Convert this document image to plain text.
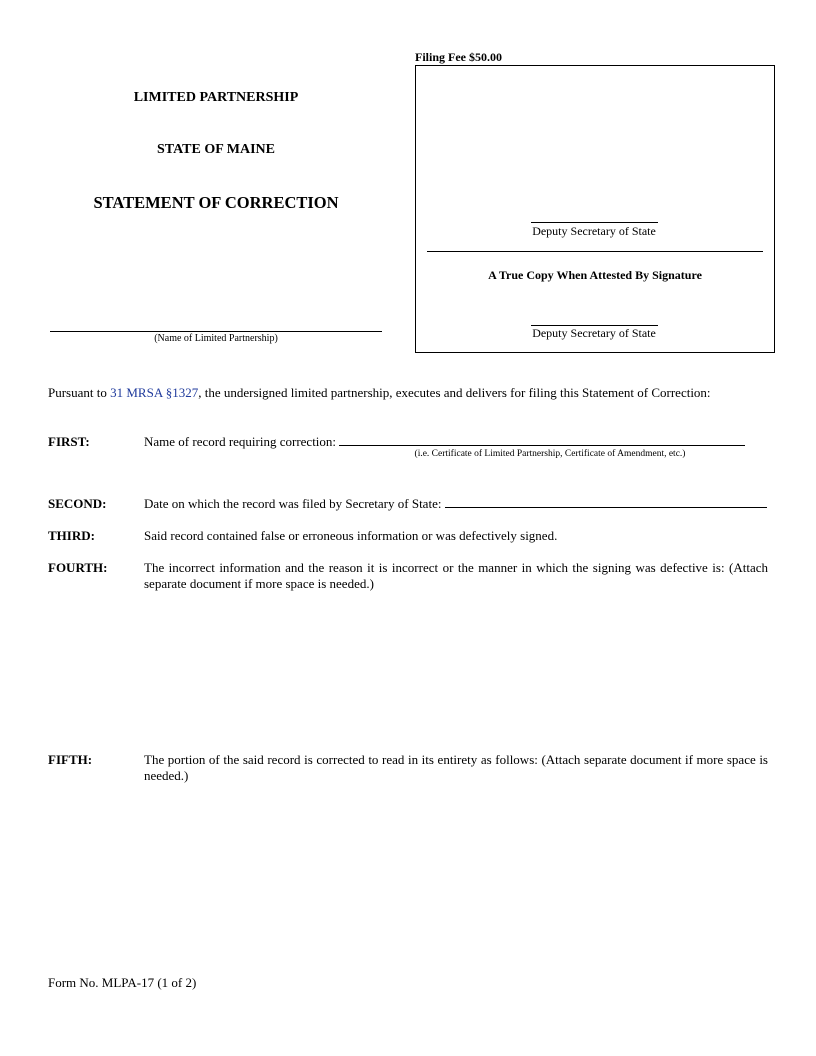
LIMITED PARTNERSHIP
STATE OF MAINE
STATEMENT OF CORRECTION
(Name of Limited Partnership)
Filing Fee $50.00
Deputy Secretary of State
A True Copy When Attested By Signature
Deputy Secretary of State
Pursuant to 31 MRSA §1327, the undersigned limited partnership, executes and delivers for filing this Statement of Correction:
FIRST:	Name of record requiring correction:
(i.e. Certificate of Limited Partnership, Certificate of Amendment, etc.)
SECOND:	Date on which the record was filed by Secretary of State:
THIRD:	Said record contained false or erroneous information or was defectively signed.
FOURTH:	The incorrect information and the reason it is incorrect or the manner in which the signing was defective is: (Attach separate document if more space is needed.)
FIFTH:	The portion of the said record is corrected to read in its entirety as follows: (Attach separate document if more space is needed.)
Form No. MLPA-17 (1 of 2)
